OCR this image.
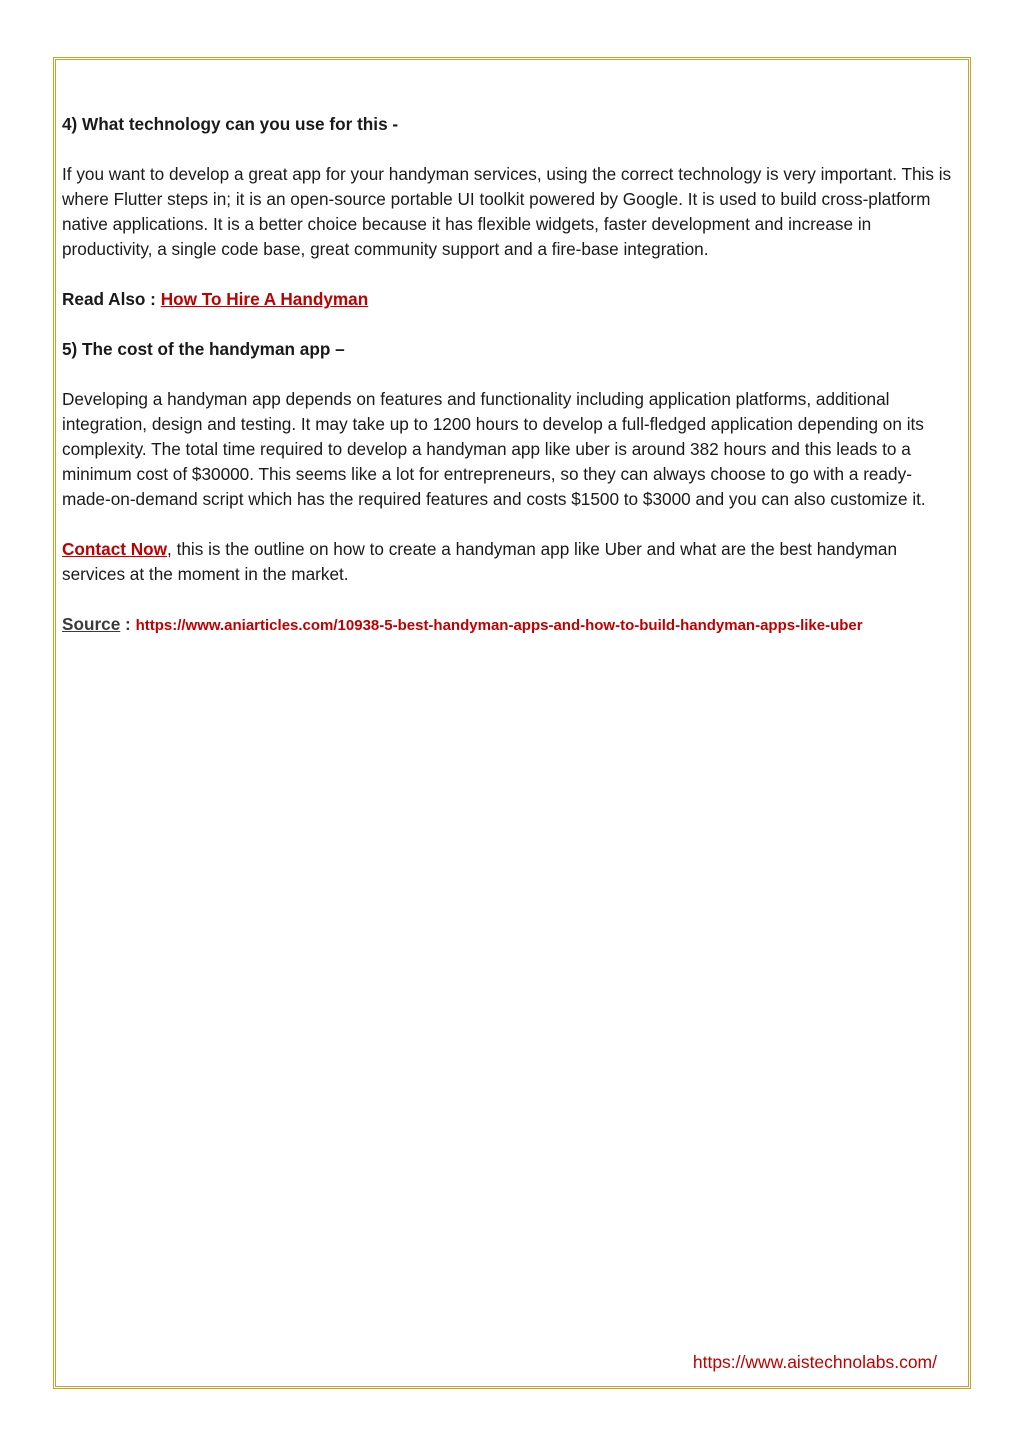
4) What technology can you use for this -

If you want to develop a great app for your handyman services, using the correct technology is very important. This is where Flutter steps in; it is an open-source portable UI toolkit powered by Google. It is used to build cross-platform native applications. It is a better choice because it has flexible widgets, faster development and increase in productivity, a single code base, great community support and a fire-base integration.

Read Also : How To Hire A Handyman

5) The cost of the handyman app –

Developing a handyman app depends on features and functionality including application platforms, additional integration, design and testing. It may take up to 1200 hours to develop a full-fledged application depending on its complexity. The total time required to develop a handyman app like uber is around 382 hours and this leads to a minimum cost of $30000. This seems like a lot for entrepreneurs, so they can always choose to go with a ready-made-on-demand script which has the required features and costs $1500 to $3000 and you can also customize it.

Contact Now, this is the outline on how to create a handyman app like Uber and what are the best handyman services at the moment in the market.

Source : https://www.aniarticles.com/10938-5-best-handyman-apps-and-how-to-build-handyman-apps-like-uber

https://www.aistechnolabs.com/
